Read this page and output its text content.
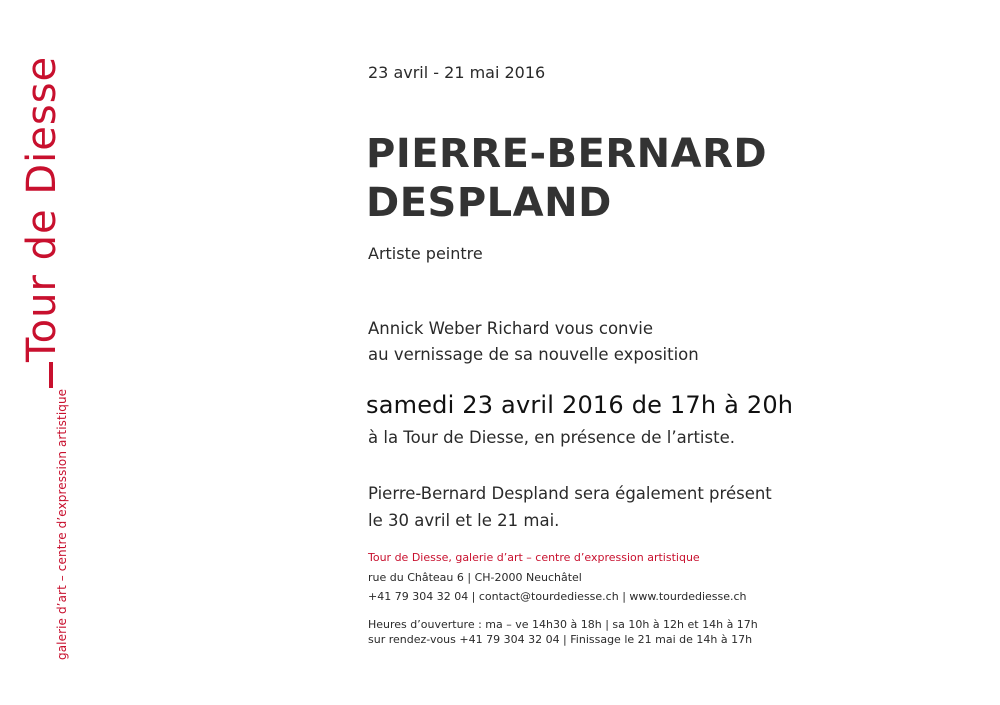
galerie d’art – centre d’expression artistique
Tour de Diesse	23 avril - 21 mai 2016
PIERRE-BERNARD
DESPLAND
Artiste peintre
Annick Weber Richard vous convie
au vernissage de sa nouvelle exposition
samedi 23 avril 2016 de 17h à 20h
à la Tour de Diesse, en présence de l’artiste.
Pierre-Bernard Despland sera également présent
le 30 avril et le 21 mai.
Tour de Diesse, galerie d’art – centre d’expression artistique
rue du Château 6 | CH-2000 Neuchâtel
+41 79 304 32 04 | contact@tourdediesse.ch | www.tourdediesse.ch
Heures d’ouverture : ma – ve 14h30 à 18h | sa 10h à 12h et 14h à 17h
sur rendez-vous +41 79 304 32 04 | Finissage le 21 mai de 14h à 17h
